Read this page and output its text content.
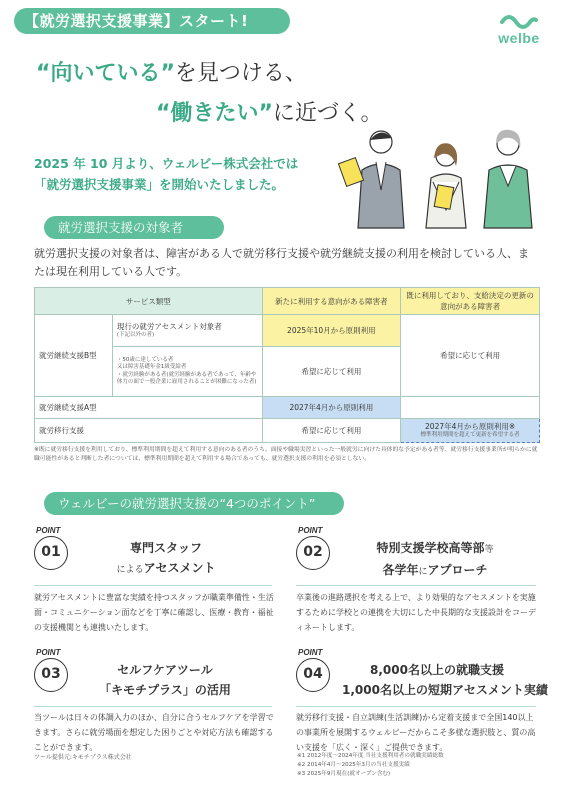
【就労選択支援事業】スタート!
welbe
“向いている”を見つける、
“働きたい”に近づく。
2025 年 10 月より、ウェルビー株式会社では
「就労選択支援事業」を開始いたしました。
就労選択支援の対象者
就労選択支援の対象者は、障害がある人で就労移行支援や就労継続支援の利用を検討している人、または現在利用している人です。
サービス類型		新たに利用する意向がある障害者	既に利用しており、支給決定の更新の意向がある障害者
就労継続支援B型	現行の就労アセスメント対象者
(下記以外の者)	2025年10月から原則利用	希望に応じて利用

	・50歳に達している者
又は障害基礎年金1級受給者
・就労経験がある者(就労経験がある者であって、年齢や体力の面で一般企業に雇用されることが困難になった者)	希望に応じて利用	
就労継続支援A型		2027年4月から原則利用	
就労移行支援		希望に応じて利用	2027年4月から原則利用※
標準利用期間を超えて更新を希望する者
※既に就労移行支援を利用しており、標準利用期間を超えて利用する意向のある者のうち、面接や職場実習といった一般就労に向けた具体的な予定がある者等、就労移行支援事業所が明らかに就職可能性があると判断した者については、標準利用期間を超えて利用する場合であっても、就労選択支援の利用を必須としない。
ウェルビーの就労選択支援の“4つのポイント”
POINT
01	専門スタッフ
によるアセスメント
就労アセスメントに豊富な実績を持つスタッフが職業準備性・生活面・コミュニケーション面などを丁寧に確認し、医療・教育・福祉の支援機関とも連携いたします。
POINT
02	特別支援学校高等部等
各学年にアプローチ
卒業後の進路選択を考える上で、より効果的なアセスメントを実施するために学校との連携を大切にした中長期的な支援設計をコーディネートします。
POINT
03	セルフケアツール
「キモチプラス」の活用
当ツールは日々の体調入力のほか、自分に合うセルフケアを学習できます。さらに就労場面を想定した困りごとや対応方法も確認することができます。
POINT
04	8,000名以上の就職支援
1,000名以上の短期アセスメント実績
就労移行支援・自立訓練(生活訓練)から定着支援まで全国140以上の事業所を展開するウェルビーだからこそ多様な選択肢と、質の高い支援を「広く・深く」ご提供できます。
ツール提供元:キモチプラス株式会社	※1 2012年度〜2024年度 当社支援利用者の就職実績総数
※2 2014年4月〜2025年3月の当社支援実績
※3 2025年9月現在(就オープン含む)
